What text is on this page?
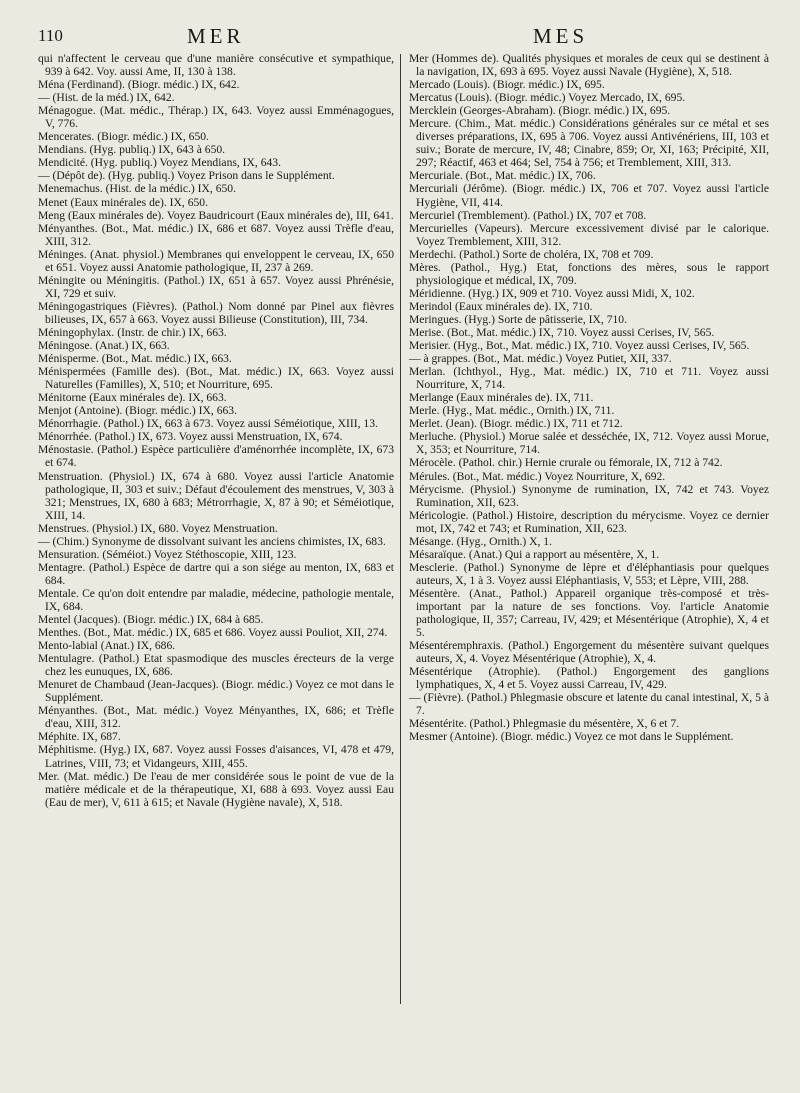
110	MER	MES

qui n'affectent le cerveau que d'une manière consécutive et sympathique, 939 à 642. Voy. aussi Ame, II, 130 à 138.

Ména (Ferdinand). (Biogr. médic.) IX, 642.

— (Hist. de la méd.) IX, 642.

Ménagogue. (Mat. médic., Thérap.) IX, 643. Voyez aussi Emménagogues, V, 776.

Mencerates. (Biogr. médic.) IX, 650.

Mendians. (Hyg. publiq.) IX, 643 à 650.

Mendicité. (Hyg. publiq.) Voyez Mendians, IX, 643.

— (Dépôt de). (Hyg. publiq.) Voyez Prison dans le Supplément.

Menemachus. (Hist. de la médic.) IX, 650.

Menet (Eaux minérales de). IX, 650.

Meng (Eaux minérales de). Voyez Baudricourt (Eaux minérales de), III, 641.

Ményanthes. (Bot., Mat. médic.) IX, 686 et 687. Voyez aussi Trèfle d'eau, XIII, 312.

Méninges. (Anat. physiol.) Membranes qui enveloppent le cerveau, IX, 650 et 651. Voyez aussi Anatomie pathologique, II, 237 à 269.

Méningite ou Méningitis. (Pathol.) IX, 651 à 657. Voyez aussi Phrénésie, XI, 729 et suiv.

Méningogastriques (Fièvres). (Pathol.) Nom donné par Pinel aux fièvres bilieuses, IX, 657 à 663. Voyez aussi Bilieuse (Constitution), III, 734.

Méningophylax. (Instr. de chir.) IX, 663.

Méningose. (Anat.) IX, 663.

Ménisperme. (Bot., Mat. médic.) IX, 663.

Ménispermées (Famille des). (Bot., Mat. médic.) IX, 663. Voyez aussi Naturelles (Familles), X, 510; et Nourriture, 695.

Ménitorne (Eaux minérales de). IX, 663.

Menjot (Antoine). (Biogr. médic.) IX, 663.

Ménorrhagie. (Pathol.) IX, 663 à 673. Voyez aussi Séméiotique, XIII, 13.

Ménorrhée. (Pathol.) IX, 673. Voyez aussi Menstruation, IX, 674.

Ménostasie. (Pathol.) Espèce particulière d'aménorrhée incomplète, IX, 673 et 674.

Menstruation. (Physiol.) IX, 674 à 680. Voyez aussi l'article Anatomie pathologique, II, 303 et suiv.; Défaut d'écoulement des menstrues, V, 303 à 321; Menstrues, IX, 680 à 683; Métrorrhagie, X, 87 à 90; et Séméiotique, XIII, 14.

Menstrues. (Physiol.) IX, 680. Voyez Menstruation.

— (Chim.) Synonyme de dissolvant suivant les anciens chimistes, IX, 683.

Mensuration. (Séméiot.) Voyez Stéthoscopie, XIII, 123.

Mentagre. (Pathol.) Espèce de dartre qui a son siége au menton, IX, 683 et 684.

Mentale. Ce qu'on doit entendre par maladie, médecine, pathologie mentale, IX, 684.

Mentel (Jacques). (Biogr. médic.) IX, 684 à 685.

Menthes. (Bot., Mat. médic.) IX, 685 et 686. Voyez aussi Pouliot, XII, 274.

Mento-labial (Anat.) IX, 686.

Mentulagre. (Pathol.) Etat spasmodique des muscles érecteurs de la verge chez les eunuques, IX, 686.

Menuret de Chambaud (Jean-Jacques). (Biogr. médic.) Voyez ce mot dans le Supplément.

Ményanthes. (Bot., Mat. médic.) Voyez Ményanthes, IX, 686; et Trèfle d'eau, XIII, 312.

Méphite. IX, 687.

Méphitisme. (Hyg.) IX, 687. Voyez aussi Fosses d'aisances, VI, 478 et 479, Latrines, VIII, 73; et Vidangeurs, XIII, 455.

Mer. (Mat. médic.) De l'eau de mer considérée sous le point de vue de la matière médicale et de la thérapeutique, XI, 688 à 693. Voyez aussi Eau (Eau de mer), V, 611 à 615; et Navale (Hygiène navale), X, 518.

Mer (Hommes de). Qualités physiques et morales de ceux qui se destinent à la navigation, IX, 693 à 695. Voyez aussi Navale (Hygiène), X, 518.

Mercado (Louis). (Biogr. médic.) IX, 695.

Mercatus (Louis). (Biogr. médic.) Voyez Mercado, IX, 695.

Mercklein (Georges-Abraham). (Biogr. médic.) IX, 695.

Mercure. (Chim., Mat. médic.) Considérations générales sur ce métal et ses diverses préparations, IX, 695 à 706. Voyez aussi Antivénériens, III, 103 et suiv.; Borate de mercure, IV, 48; Cinabre, 859; Or, XI, 163; Précipité, XII, 297; Réactif, 463 et 464; Sel, 754 à 756; et Tremblement, XIII, 313.

Mercuriale. (Bot., Mat. médic.) IX, 706.

Mercuriali (Jérôme). (Biogr. médic.) IX, 706 et 707. Voyez aussi l'article Hygiène, VII, 414.

Mercuriel (Tremblement). (Pathol.) IX, 707 et 708.

Mercurielles (Vapeurs). Mercure excessivement divisé par le calorique. Voyez Tremblement, XIII, 312.

Merdechi. (Pathol.) Sorte de choléra, IX, 708 et 709.

Mères. (Pathol., Hyg.) Etat, fonctions des mères, sous le rapport physiologique et médical, IX, 709.

Méridienne. (Hyg.) IX, 909 et 710. Voyez aussi Midi, X, 102.

Merindol (Eaux minérales de). IX, 710.

Meringues. (Hyg.) Sorte de pâtisserie, IX, 710.

Merise. (Bot., Mat. médic.) IX, 710. Voyez aussi Cerises, IV, 565.

Merisier. (Hyg., Bot., Mat. médic.) IX, 710. Voyez aussi Cerises, IV, 565.

— à grappes. (Bot., Mat. médic.) Voyez Putiet, XII, 337.

Merlan. (Ichthyol., Hyg., Mat. médic.) IX, 710 et 711. Voyez aussi Nourriture, X, 714.

Merlange (Eaux minérales de). IX, 711.

Merle. (Hyg., Mat. médic., Ornith.) IX, 711.

Merlet. (Jean). (Biogr. médic.) IX, 711 et 712.

Merluche. (Physiol.) Morue salée et desséchée, IX, 712. Voyez aussi Morue, X, 353; et Nourriture, 714.

Mérocèle. (Pathol. chir.) Hernie crurale ou fémorale, IX, 712 à 742.

Mérules. (Bot., Mat. médic.) Voyez Nourriture, X, 692.

Mérycisme. (Physiol.) Synonyme de rumination, IX, 742 et 743. Voyez Rumination, XII, 623.

Méricologie. (Pathol.) Histoire, description du mérycisme. Voyez ce dernier mot, IX, 742 et 743; et Rumination, XII, 623.

Mésange. (Hyg., Ornith.) X, 1.

Mésaraïque. (Anat.) Qui a rapport au mésentère, X, 1.

Mesclerie. (Pathol.) Synonyme de lèpre et d'éléphantiasis pour quelques auteurs, X, 1 à 3. Voyez aussi Eléphantiasis, V, 553; et Lèpre, VIII, 288.

Mésentère. (Anat., Pathol.) Appareil organique très-composé et très-important par la nature de ses fonctions. Voy. l'article Anatomie pathologique, II, 357; Carreau, IV, 429; et Mésentérique (Atrophie), X, 4 et 5.

Mésentéremphraxis. (Pathol.) Engorgement du mésentère suivant quelques auteurs, X, 4. Voyez Mésentérique (Atrophie), X, 4.

Mésentérique (Atrophie). (Pathol.) Engorgement des ganglions lymphatiques, X, 4 et 5. Voyez aussi Carreau, IV, 429.

— (Fièvre). (Pathol.) Phlegmasie obscure et latente du canal intestinal, X, 5 à 7.

Mésentérite. (Pathol.) Phlegmasie du mésentère, X, 6 et 7.

Mesmer (Antoine). (Biogr. médic.) Voyez ce mot dans le Supplément.
